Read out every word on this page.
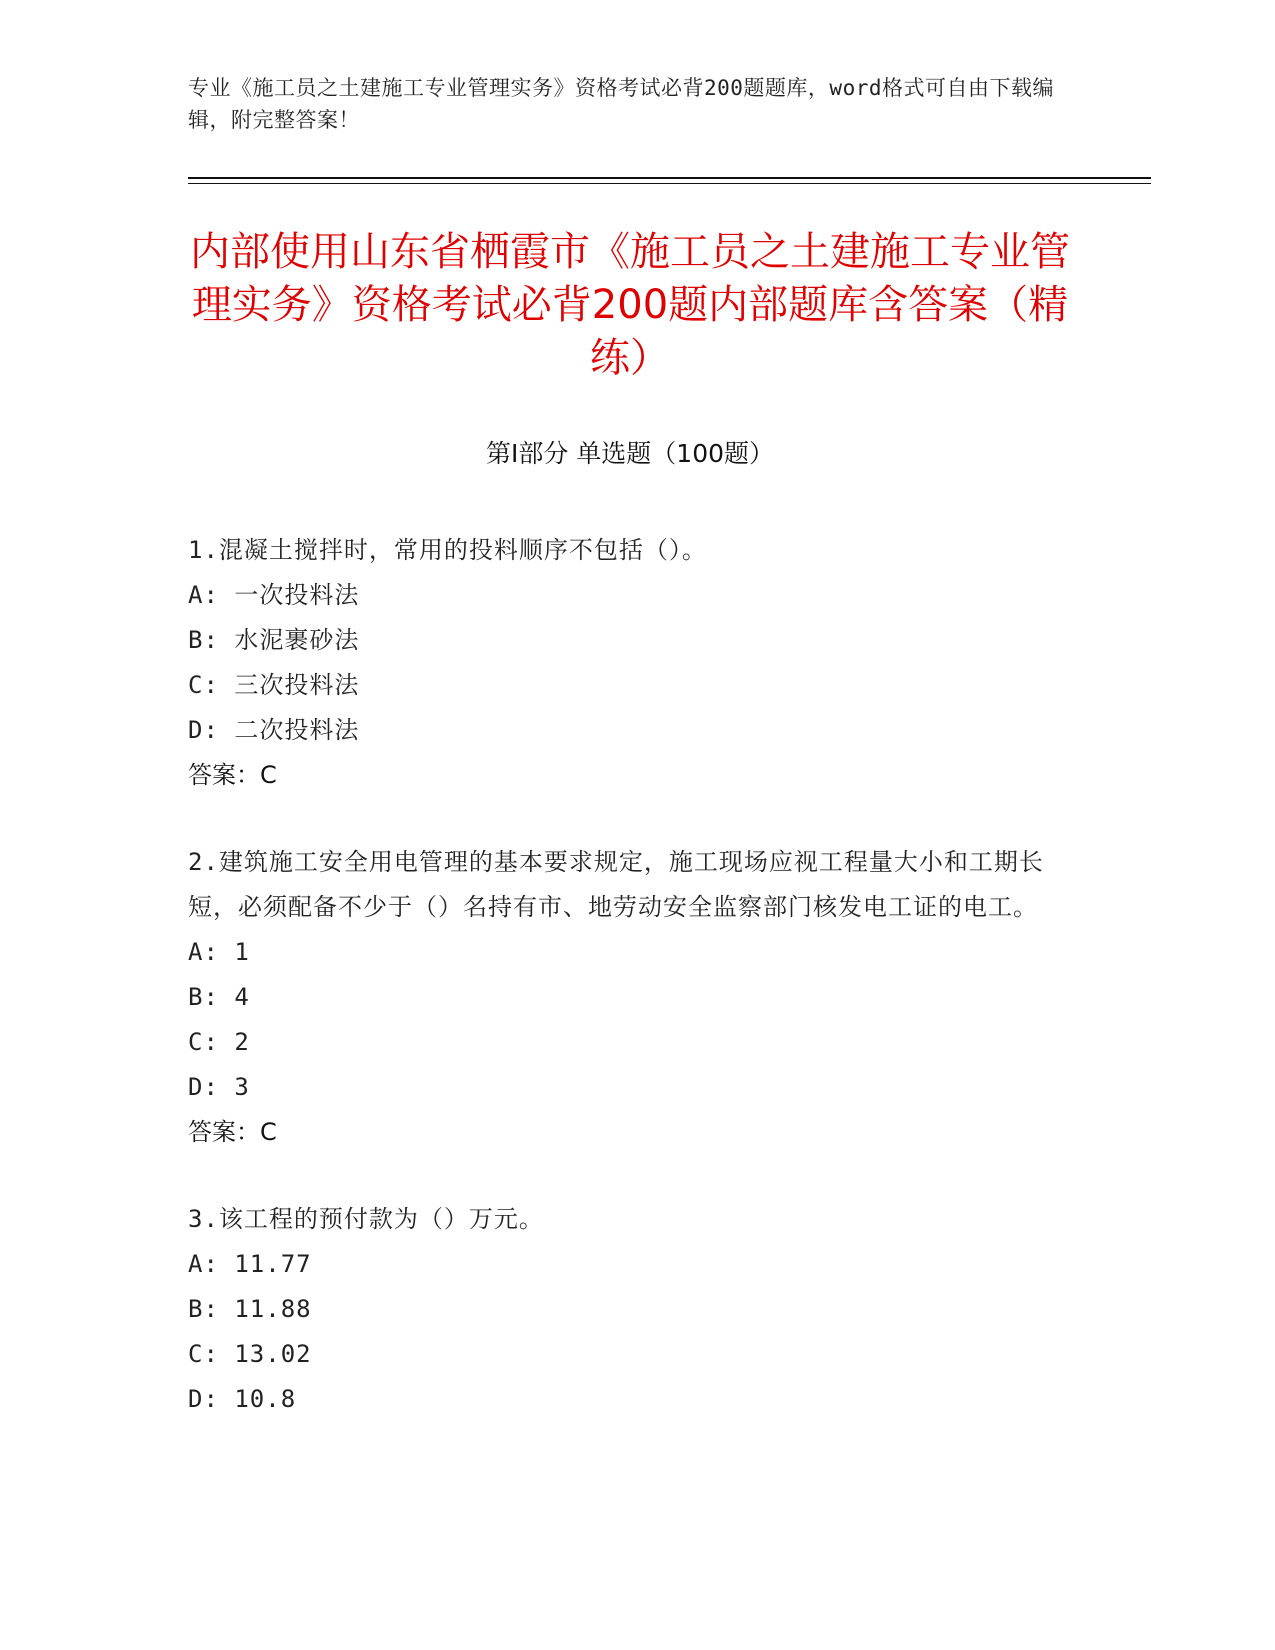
专业《施工员之土建施工专业管理实务》资格考试必背200题题库，word格式可自由下载编辑，附完整答案！
内部使用山东省栖霞市《施工员之土建施工专业管理实务》资格考试必背200题内部题库含答案（精练）
第Ⅰ部分 单选题（100题）

1.混凝土搅拌时，常用的投料顺序不包括（）。

A: 一次投料法

B: 水泥裹砂法

C: 三次投料法

D: 二次投料法

答案：C

2.建筑施工安全用电管理的基本要求规定，施工现场应视工程量大小和工期长短，必须配备不少于（）名持有市、地劳动安全监察部门核发电工证的电工。

A: 1

B: 4

C: 2

D: 3

答案：C

3.该工程的预付款为（）万元。

A: 11.77

B: 11.88

C: 13.02

D: 10.8
